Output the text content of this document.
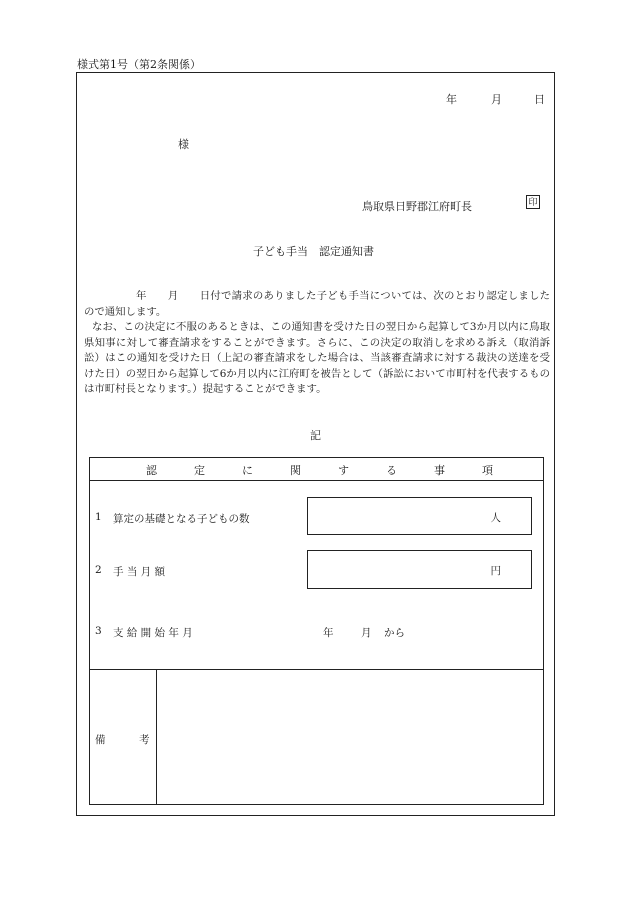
様式第1号（第2条関係）
年	月	日
様
鳥取県日野郡江府町長	印
子ども手当　認定通知書

年　　月　　日付で請求のありました子ども手当については、次のとおり認定しましたので通知します。

なお、この決定に不服のあるときは、この通知書を受けた日の翌日から起算して3か月以内に鳥取県知事に対して審査請求をすることができます。さらに、この決定の取消しを求める訴え（取消訴訟）はこの通知を受けた日（上記の審査請求をした場合は、当該審査請求に対する裁決の送達を受けた日）の翌日から起算して6か月以内に江府町を被告として（訴訟において市町村を代表するものは市町村長となります。）提起することができます。

記
認	定	に	関	す	る	事	項
1 算定の基礎となる子どもの数	人
2 手 当 月 額	円
3 支 給 開 始 年 月	年	月 から
備	考
